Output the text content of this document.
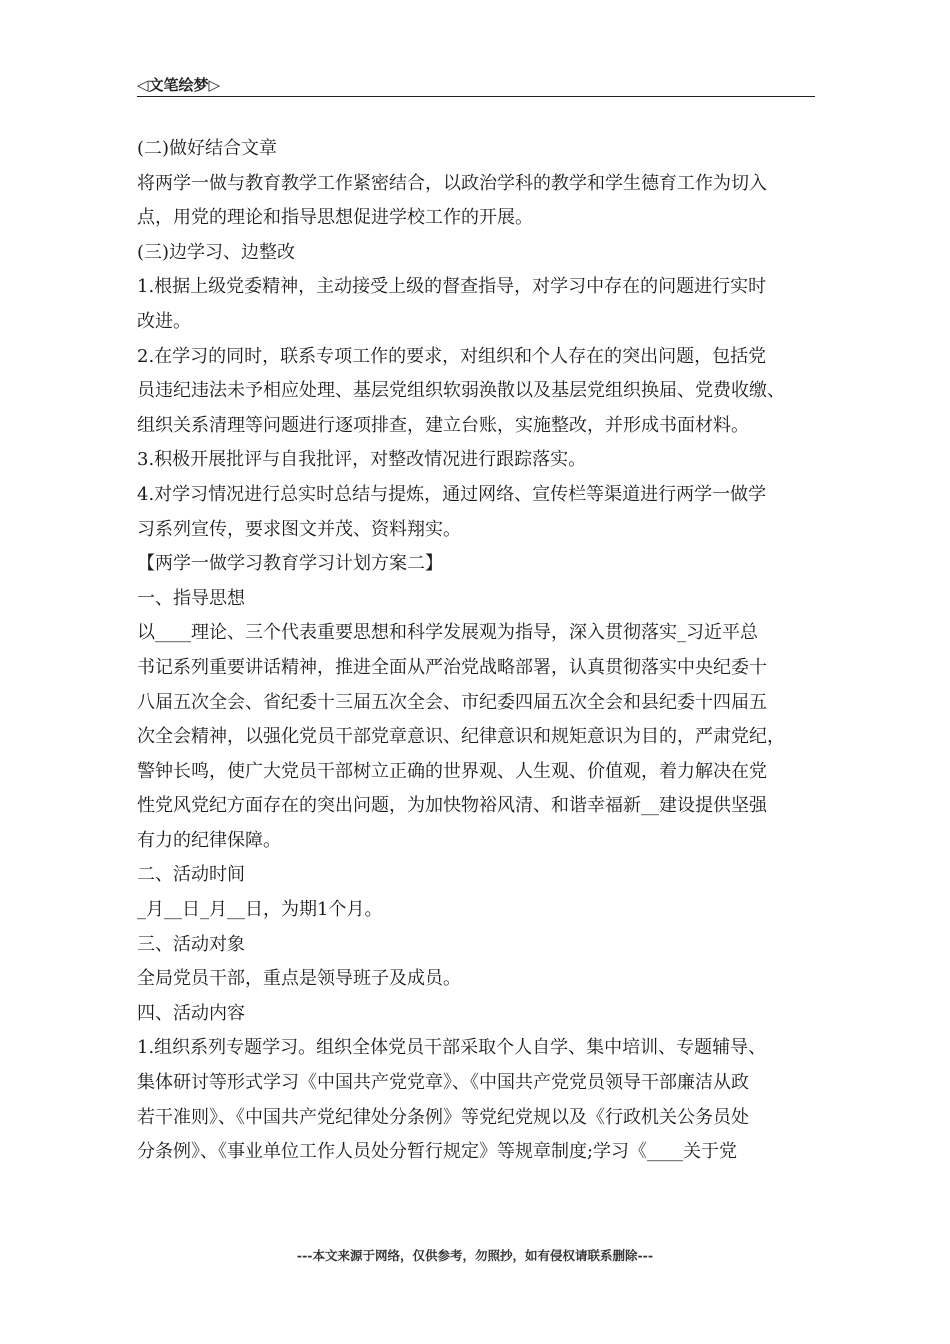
◁文笔绘梦▷
(二)做好结合文章
将两学一做与教育教学工作紧密结合，以政治学科的教学和学生德育工作为切入
点，用党的理论和指导思想促进学校工作的开展。
(三)边学习、边整改
1.根据上级党委精神，主动接受上级的督查指导，对学习中存在的问题进行实时
改进。
2.在学习的同时，联系专项工作的要求，对组织和个人存在的突出问题，包括党
员违纪违法未予相应处理、基层党组织软弱涣散以及基层党组织换届、党费收缴、
组织关系清理等问题进行逐项排查，建立台账，实施整改，并形成书面材料。
3.积极开展批评与自我批评，对整改情况进行跟踪落实。
4.对学习情况进行总实时总结与提炼，通过网络、宣传栏等渠道进行两学一做学
习系列宣传，要求图文并茂、资料翔实。
【两学一做学习教育学习计划方案二】
一、指导思想
以____理论、三个代表重要思想和科学发展观为指导，深入贯彻落实_习近平总
书记系列重要讲话精神，推进全面从严治党战略部署，认真贯彻落实中央纪委十
八届五次全会、省纪委十三届五次全会、市纪委四届五次全会和县纪委十四届五
次全会精神，以强化党员干部党章意识、纪律意识和规矩意识为目的，严肃党纪，
警钟长鸣，使广大党员干部树立正确的世界观、人生观、价值观，着力解决在党
性党风党纪方面存在的突出问题，为加快物裕风清、和谐幸福新__建设提供坚强
有力的纪律保障。
二、活动时间
_月__日_月__日，为期1个月。
三、活动对象
全局党员干部，重点是领导班子及成员。
四、活动内容
1.组织系列专题学习。组织全体党员干部采取个人自学、集中培训、专题辅导、
集体研讨等形式学习《中国共产党党章》、《中国共产党党员领导干部廉洁从政
若干准则》、《中国共产党纪律处分条例》等党纪党规以及《行政机关公务员处
分条例》、《事业单位工作人员处分暂行规定》等规章制度;学习《____关于党
---本文来源于网络，仅供参考，勿照抄，如有侵权请联系删除---
